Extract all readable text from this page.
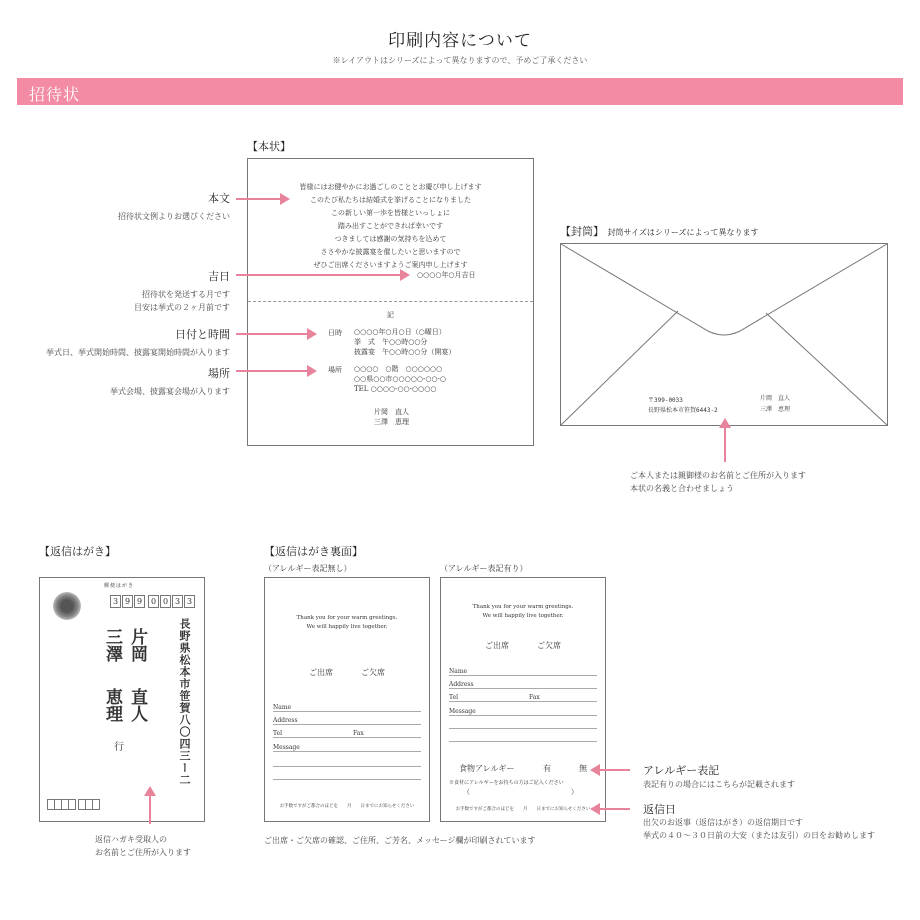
印刷内容について
※レイアウトはシリーズによって異なりますので、予めご了承ください
招待状
【本状】
皆様にはお健やかにお過ごしのこととお慶び申し上げます
このたび私たちは結婚式を挙げることになりました
この新しい第一歩を皆様といっしょに
踏み出すことができれば幸いです
つきましては感謝の気持ちを込めて
ささやかな披露宴を催したいと思いますので
ぜひご出席くださいますようご案内申し上げます
○○○○年○月吉日
記
日時 ○○○○年○月○日（○曜日）
挙　式　午○○時○○分
披露宴　午○○時○○分（開宴）
場所 ○○○○　○階　○○○○○○
○○県○○市○○○○○-○○-○
TEL ○○○○-○○-○○○○
片岡　直人
三澤　恵理
本文
招待状文例よりお選びください
吉日
招待状を発送する月です
目安は挙式の２ヶ月前です
日付と時間
挙式日、挙式開始時間、披露宴開始時間が入ります
場所
挙式会場、披露宴会場が入ります
【封筒】 封筒サイズはシリーズによって異なります
〒399-0033
長野県松本市笹賀6443-2
片岡　直人
三澤　恵理
ご本人または親御様のお名前とご住所が入ります
本状の名義と合わせましょう
【返信はがき】
郵便はがき
3 9 9	0 0 3 3
長野県松本市笹賀八〇四三ー二
片岡
三澤
直人
恵理
行
返信ハガキ受取人の
お名前とご住所が入ります
【返信はがき裏面】
（アレルギー表記無し）	（アレルギー表記有り）
Thank you for your warm greetings.
We will happily live together.
ご出席	ご欠席
Name
Address
Tel	Fax
Message
お手数ですがご都合のほどを　　月　　日までにお知らせください
Thank you for your warm greetings.
We will happily live together.
ご出席	ご欠席
Name
Address
Tel	Fax
Message
食物アレルギー	有	無
※食材にアレルギーをお持ちの方はご記入ください
（	）
お手数ですがご都合のほどを　　月　　日までにお知らせください
ご出席・ご欠席の確認、ご住所、ご芳名、メッセージ欄が印刷されています
アレルギー表記
表記有りの場合にはこちらが記載されます
返信日
出欠のお返事（返信はがき）の返信期日です
挙式の４０～３０日前の大安（または友引）の日をお勧めします
